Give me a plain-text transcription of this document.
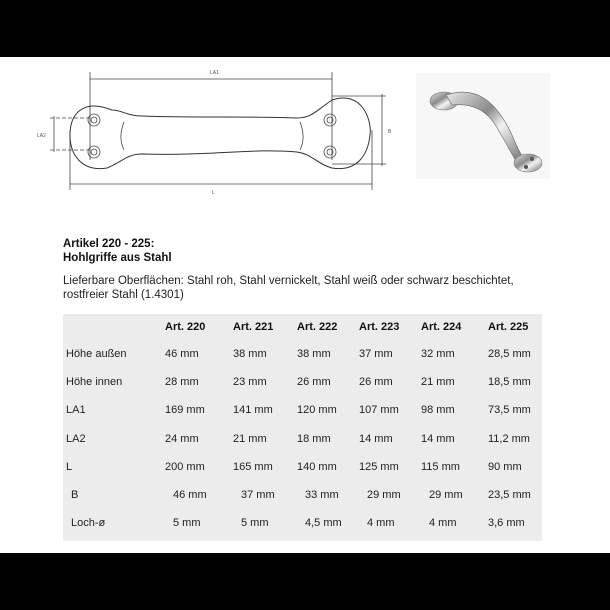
LA1
LA2
B
L
Artikel 220 - 225:
Hohlgriffe aus Stahl
Lieferbare Oberflächen: Stahl roh, Stahl vernickelt, Stahl weiß oder schwarz beschichtet, rostfreier Stahl (1.4301)
	Art. 220	Art. 221	Art. 222	Art. 223	Art. 224	Art. 225
Höhe außen	46 mm	38 mm	38 mm	37 mm	32 mm	28,5 mm
Höhe innen	28 mm	23 mm	26 mm	26 mm	21 mm	18,5 mm
LA1	169 mm	141 mm	120 mm	107 mm	98 mm	73,5 mm
LA2	24 mm	21 mm	18 mm	14 mm	14 mm	11,2 mm
L	200 mm	165 mm	140 mm	125 mm	115 mm	90 mm
B	46 mm	37 mm	33 mm	29 mm	29 mm	23,5 mm
Loch-ø	5 mm	5 mm	4,5 mm	4 mm	4 mm	3,6 mm
